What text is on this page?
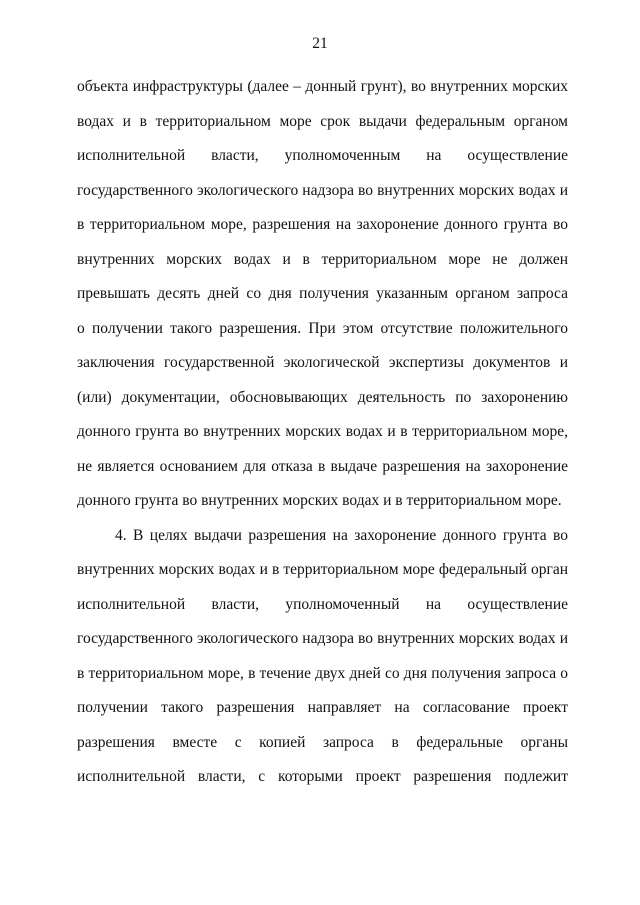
21
объекта инфраструктуры (далее – донный грунт), во внутренних морских
водах и в территориальном море срок выдачи федеральным органом
исполнительной власти, уполномоченным на осуществление
государственного экологического надзора во внутренних морских водах и
в территориальном море, разрешения на захоронение донного грунта во
внутренних морских водах и в территориальном море не должен
превышать десять дней со дня получения указанным органом запроса
о получении такого разрешения. При этом отсутствие положительного
заключения государственной экологической экспертизы документов и
(или) документации, обосновывающих деятельность по захоронению
донного грунта во внутренних морских водах и в территориальном море,
не является основанием для отказа в выдаче разрешения на захоронение
донного грунта во внутренних морских водах и в территориальном море.
4. В целях выдачи разрешения на захоронение донного грунта во
внутренних морских водах и в территориальном море федеральный орган
исполнительной власти, уполномоченный на осуществление
государственного экологического надзора во внутренних морских водах и
в территориальном море, в течение двух дней со дня получения запроса о
получении такого разрешения направляет на согласование проект
разрешения вместе с копией запроса в федеральные органы
исполнительной власти, с которыми проект разрешения подлежит
